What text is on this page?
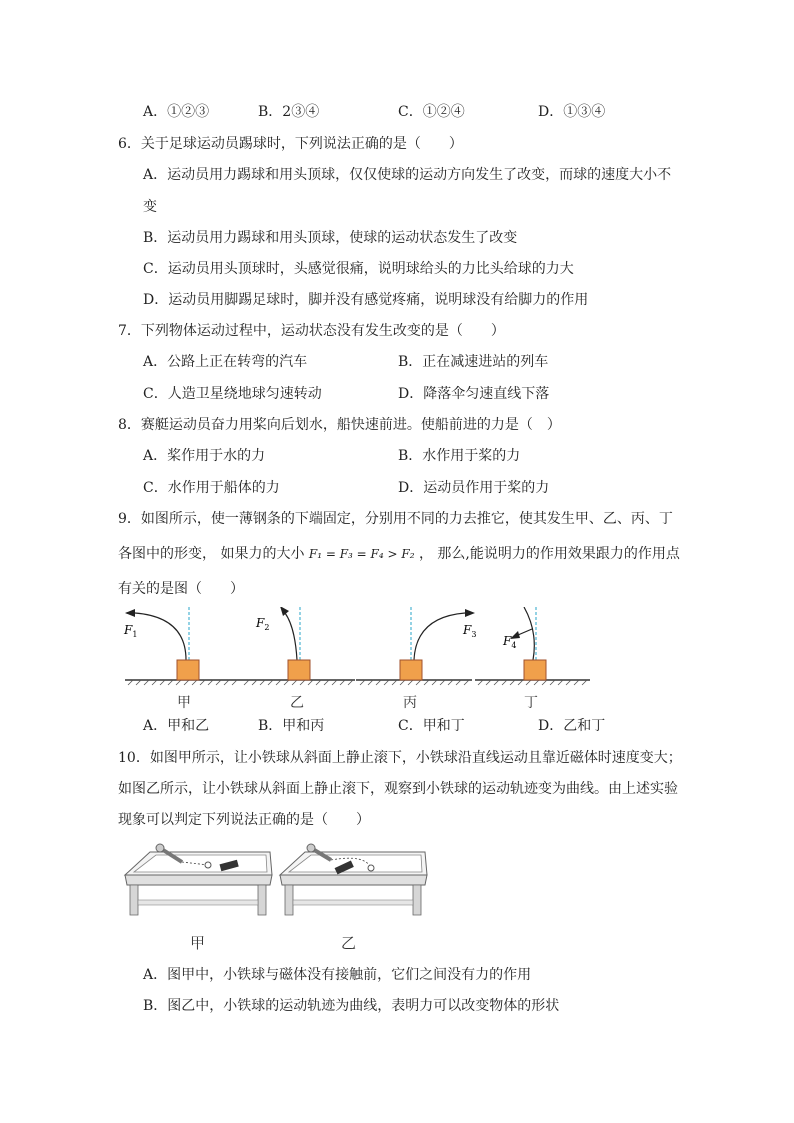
A．①②③	B．2③④	C．①②④	D．①③④
6．关于足球运动员踢球时，下列说法正确的是（　　）
A．运动员用力踢球和用头顶球，仅仅使球的运动方向发生了改变，而球的速度大小不
变
B．运动员用力踢球和用头顶球，使球的运动状态发生了改变
C．运动员用头顶球时，头感觉很痛，说明球给头的力比头给球的力大
D．运动员用脚踢足球时，脚并没有感觉疼痛，说明球没有给脚力的作用
7．下列物体运动过程中，运动状态没有发生改变的是（　　）
A．公路上正在转弯的汽车	B．正在减速进站的列车
C．人造卫星绕地球匀速转动	D．降落伞匀速直线下落
8．赛艇运动员奋力用桨向后划水，船快速前进。使船前进的力是（　）
A．桨作用于水的力	B．水作用于桨的力
C．水作用于船体的力	D．运动员作用于桨的力
9．如图所示，使一薄钢条的下端固定，分别用不同的力去推它，使其发生甲、乙、丙、丁
各图中的形变， 如果力的大小 F₁ = F₃ = F₄ > F₂ ， 那么,能说明力的作用效果跟力的作用点
有关的是图（　　）
$F_1$
$F_2$	$F_3$ $F_4$
甲	乙	丙	丁
A．甲和乙	B．甲和丙	C．甲和丁	D．乙和丁
10．如图甲所示，让小铁球从斜面上静止滚下，小铁球沿直线运动且靠近磁体时速度变大；
如图乙所示，让小铁球从斜面上静止滚下，观察到小铁球的运动轨迹变为曲线。由上述实验
现象可以判定下列说法正确的是（　　）
甲	乙
A．图甲中，小铁球与磁体没有接触前，它们之间没有力的作用
B．图乙中，小铁球的运动轨迹为曲线，表明力可以改变物体的形状
